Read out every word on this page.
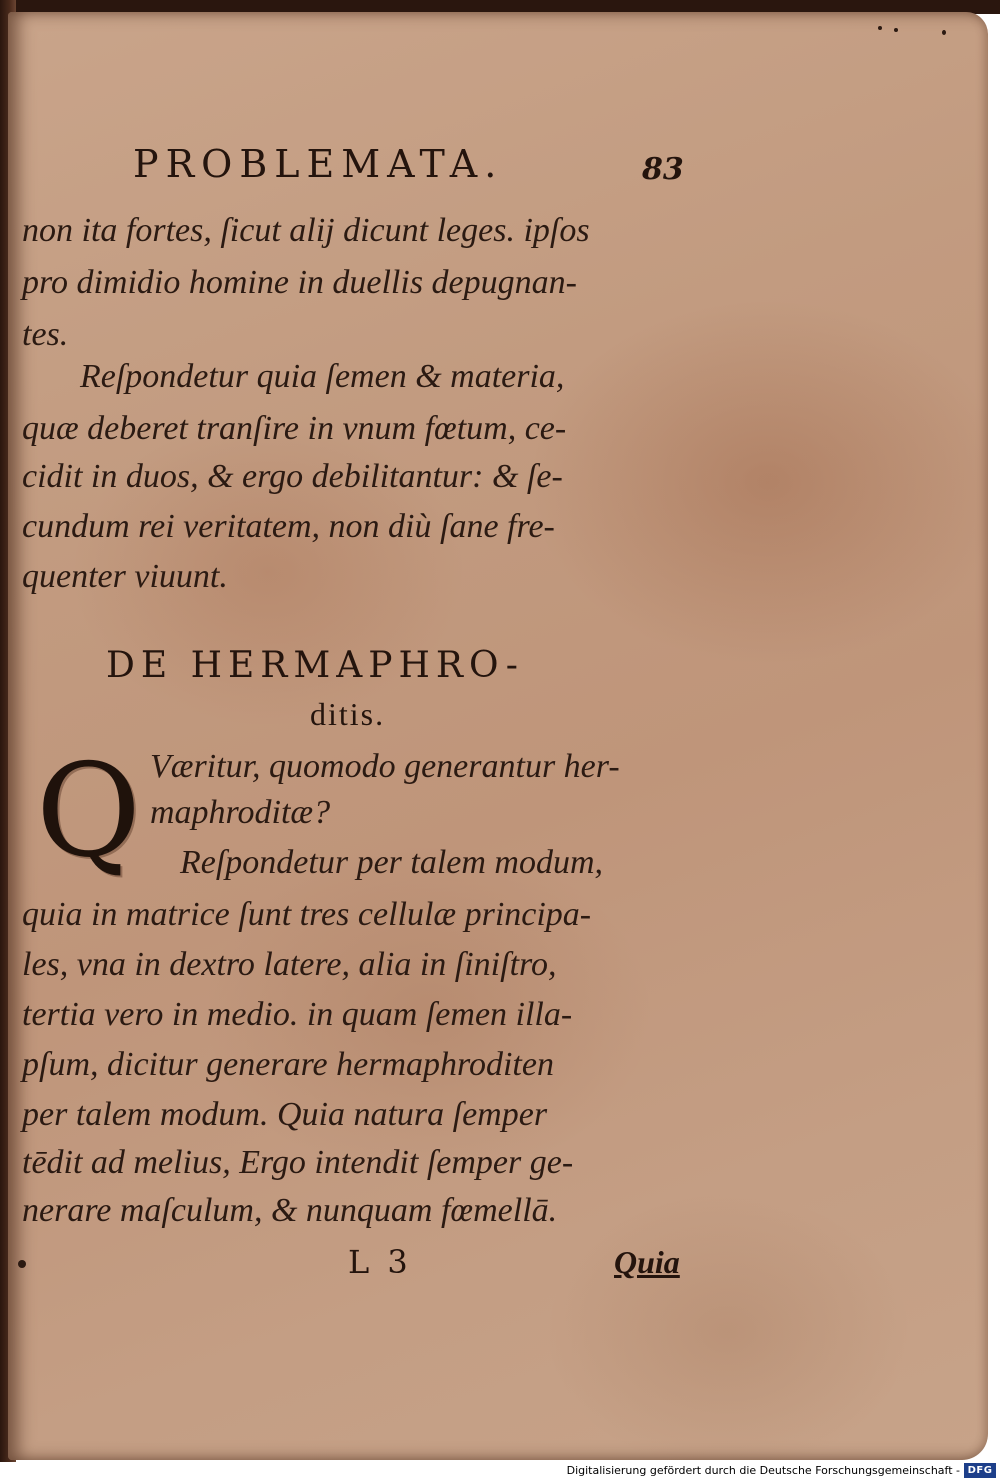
PROBLEMATA.	83
non ita fortes, ſicut alij dicunt leges. ipſos
pro dimidio homine in duellis depugnan-
tes.
Reſpondetur quia ſemen & materia,
quæ deberet tranſire in vnum fœtum, ce-
cidit in duos, & ergo debilitantur: & ſe-
cundum rei veritatem, non diù ſane fre-
quenter viuunt.
DE HERMAPHRO-
ditis.
Q Væritur, quomodo generantur her-
maphroditæ?
Reſpondetur per talem modum,
quia in matrice ſunt tres cellulæ principa-
les, vna in dextro latere, alia in ſiniſtro,
tertia vero in medio. in quam ſemen illa-
pſum, dicitur generare hermaphroditen
per talem modum. Quia natura ſemper
tēdit ad melius, Ergo intendit ſemper ge-
nerare maſculum, & nunquam fœmellā.
L 3	Quia
Digitalisierung gefördert durch die Deutsche Forschungsgemeinschaft - DFG
